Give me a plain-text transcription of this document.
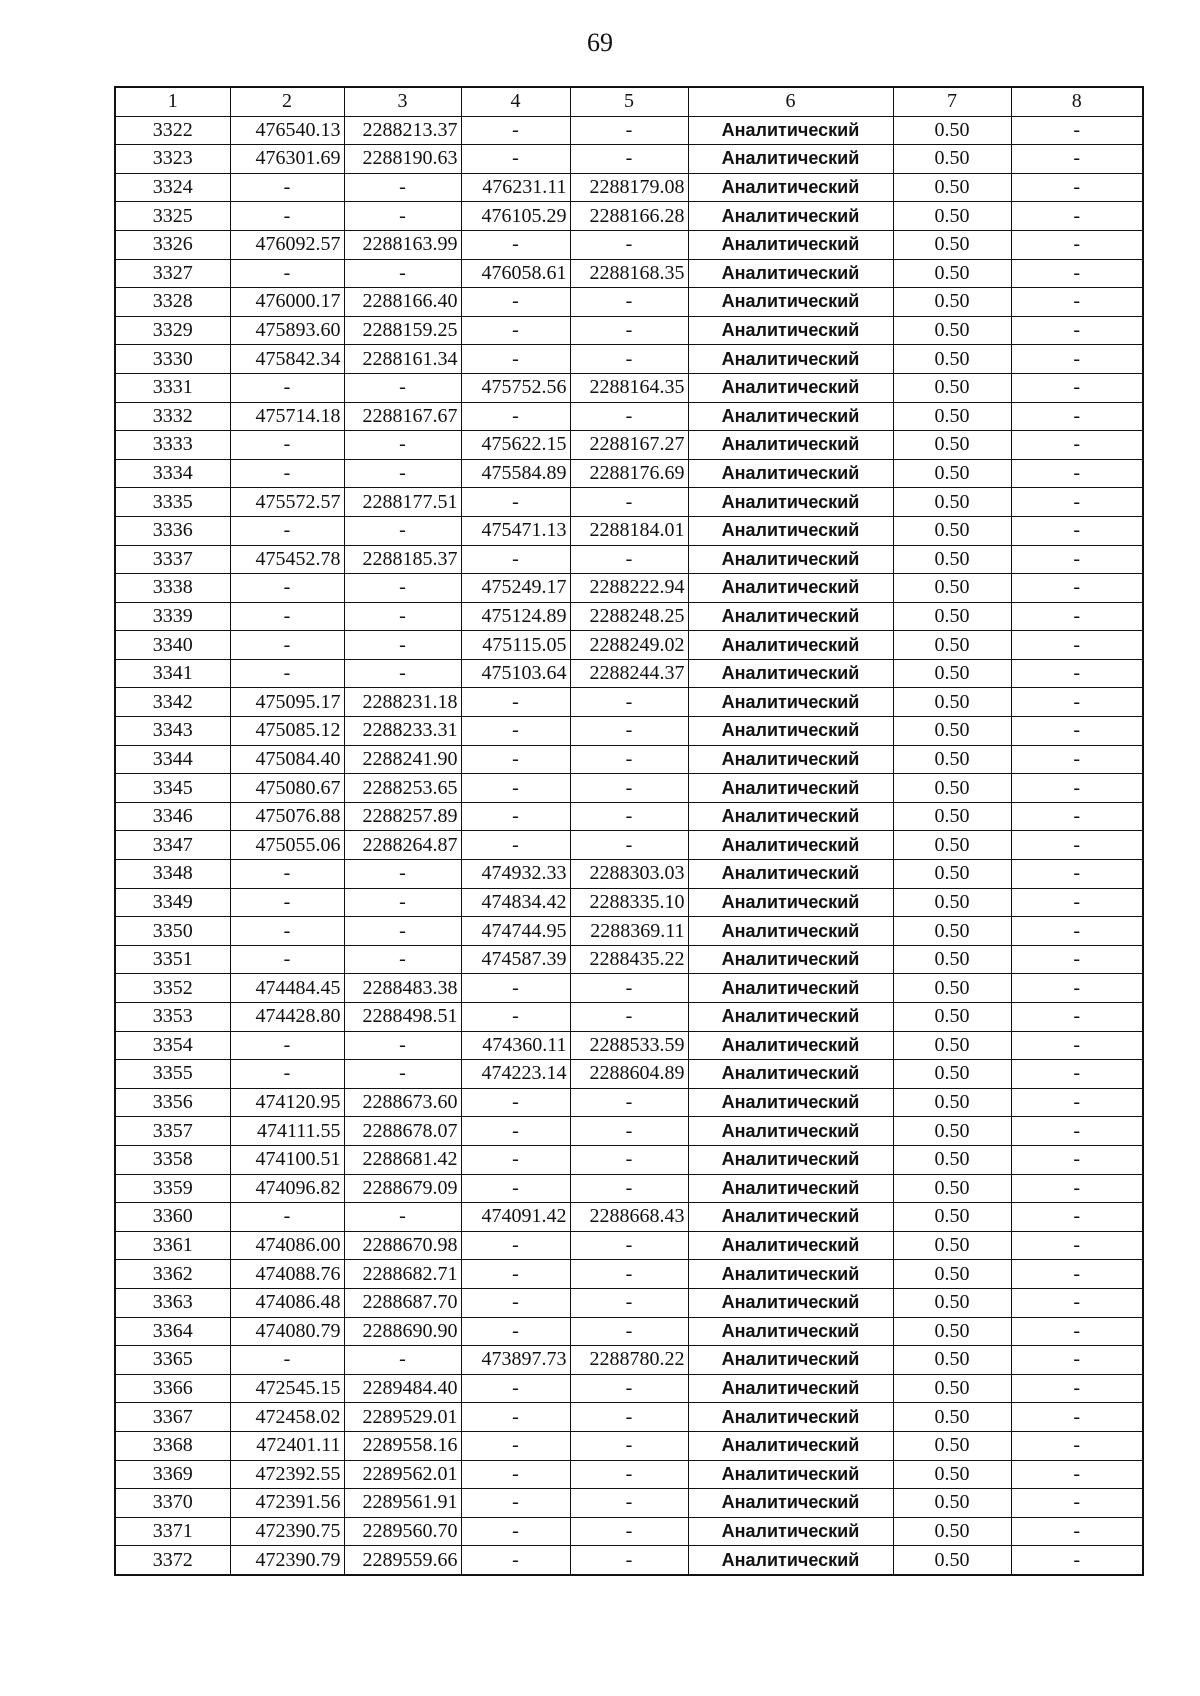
69
1	2	3	4	5	6	7	8
3322	476540.13	2288213.37	-	-	Аналитический	0.50	-
3323	476301.69	2288190.63	-	-	Аналитический	0.50	-
3324	-	-	476231.11	2288179.08	Аналитический	0.50	-
3325	-	-	476105.29	2288166.28	Аналитический	0.50	-
3326	476092.57	2288163.99	-	-	Аналитический	0.50	-
3327	-	-	476058.61	2288168.35	Аналитический	0.50	-
3328	476000.17	2288166.40	-	-	Аналитический	0.50	-
3329	475893.60	2288159.25	-	-	Аналитический	0.50	-
3330	475842.34	2288161.34	-	-	Аналитический	0.50	-
3331	-	-	475752.56	2288164.35	Аналитический	0.50	-
3332	475714.18	2288167.67	-	-	Аналитический	0.50	-
3333	-	-	475622.15	2288167.27	Аналитический	0.50	-
3334	-	-	475584.89	2288176.69	Аналитический	0.50	-
3335	475572.57	2288177.51	-	-	Аналитический	0.50	-
3336	-	-	475471.13	2288184.01	Аналитический	0.50	-
3337	475452.78	2288185.37	-	-	Аналитический	0.50	-
3338	-	-	475249.17	2288222.94	Аналитический	0.50	-
3339	-	-	475124.89	2288248.25	Аналитический	0.50	-
3340	-	-	475115.05	2288249.02	Аналитический	0.50	-
3341	-	-	475103.64	2288244.37	Аналитический	0.50	-
3342	475095.17	2288231.18	-	-	Аналитический	0.50	-
3343	475085.12	2288233.31	-	-	Аналитический	0.50	-
3344	475084.40	2288241.90	-	-	Аналитический	0.50	-
3345	475080.67	2288253.65	-	-	Аналитический	0.50	-
3346	475076.88	2288257.89	-	-	Аналитический	0.50	-
3347	475055.06	2288264.87	-	-	Аналитический	0.50	-
3348	-	-	474932.33	2288303.03	Аналитический	0.50	-
3349	-	-	474834.42	2288335.10	Аналитический	0.50	-
3350	-	-	474744.95	2288369.11	Аналитический	0.50	-
3351	-	-	474587.39	2288435.22	Аналитический	0.50	-
3352	474484.45	2288483.38	-	-	Аналитический	0.50	-
3353	474428.80	2288498.51	-	-	Аналитический	0.50	-
3354	-	-	474360.11	2288533.59	Аналитический	0.50	-
3355	-	-	474223.14	2288604.89	Аналитический	0.50	-
3356	474120.95	2288673.60	-	-	Аналитический	0.50	-
3357	474111.55	2288678.07	-	-	Аналитический	0.50	-
3358	474100.51	2288681.42	-	-	Аналитический	0.50	-
3359	474096.82	2288679.09	-	-	Аналитический	0.50	-
3360	-	-	474091.42	2288668.43	Аналитический	0.50	-
3361	474086.00	2288670.98	-	-	Аналитический	0.50	-
3362	474088.76	2288682.71	-	-	Аналитический	0.50	-
3363	474086.48	2288687.70	-	-	Аналитический	0.50	-
3364	474080.79	2288690.90	-	-	Аналитический	0.50	-
3365	-	-	473897.73	2288780.22	Аналитический	0.50	-
3366	472545.15	2289484.40	-	-	Аналитический	0.50	-
3367	472458.02	2289529.01	-	-	Аналитический	0.50	-
3368	472401.11	2289558.16	-	-	Аналитический	0.50	-
3369	472392.55	2289562.01	-	-	Аналитический	0.50	-
3370	472391.56	2289561.91	-	-	Аналитический	0.50	-
3371	472390.75	2289560.70	-	-	Аналитический	0.50	-
3372	472390.79	2289559.66	-	-	Аналитический	0.50	-
